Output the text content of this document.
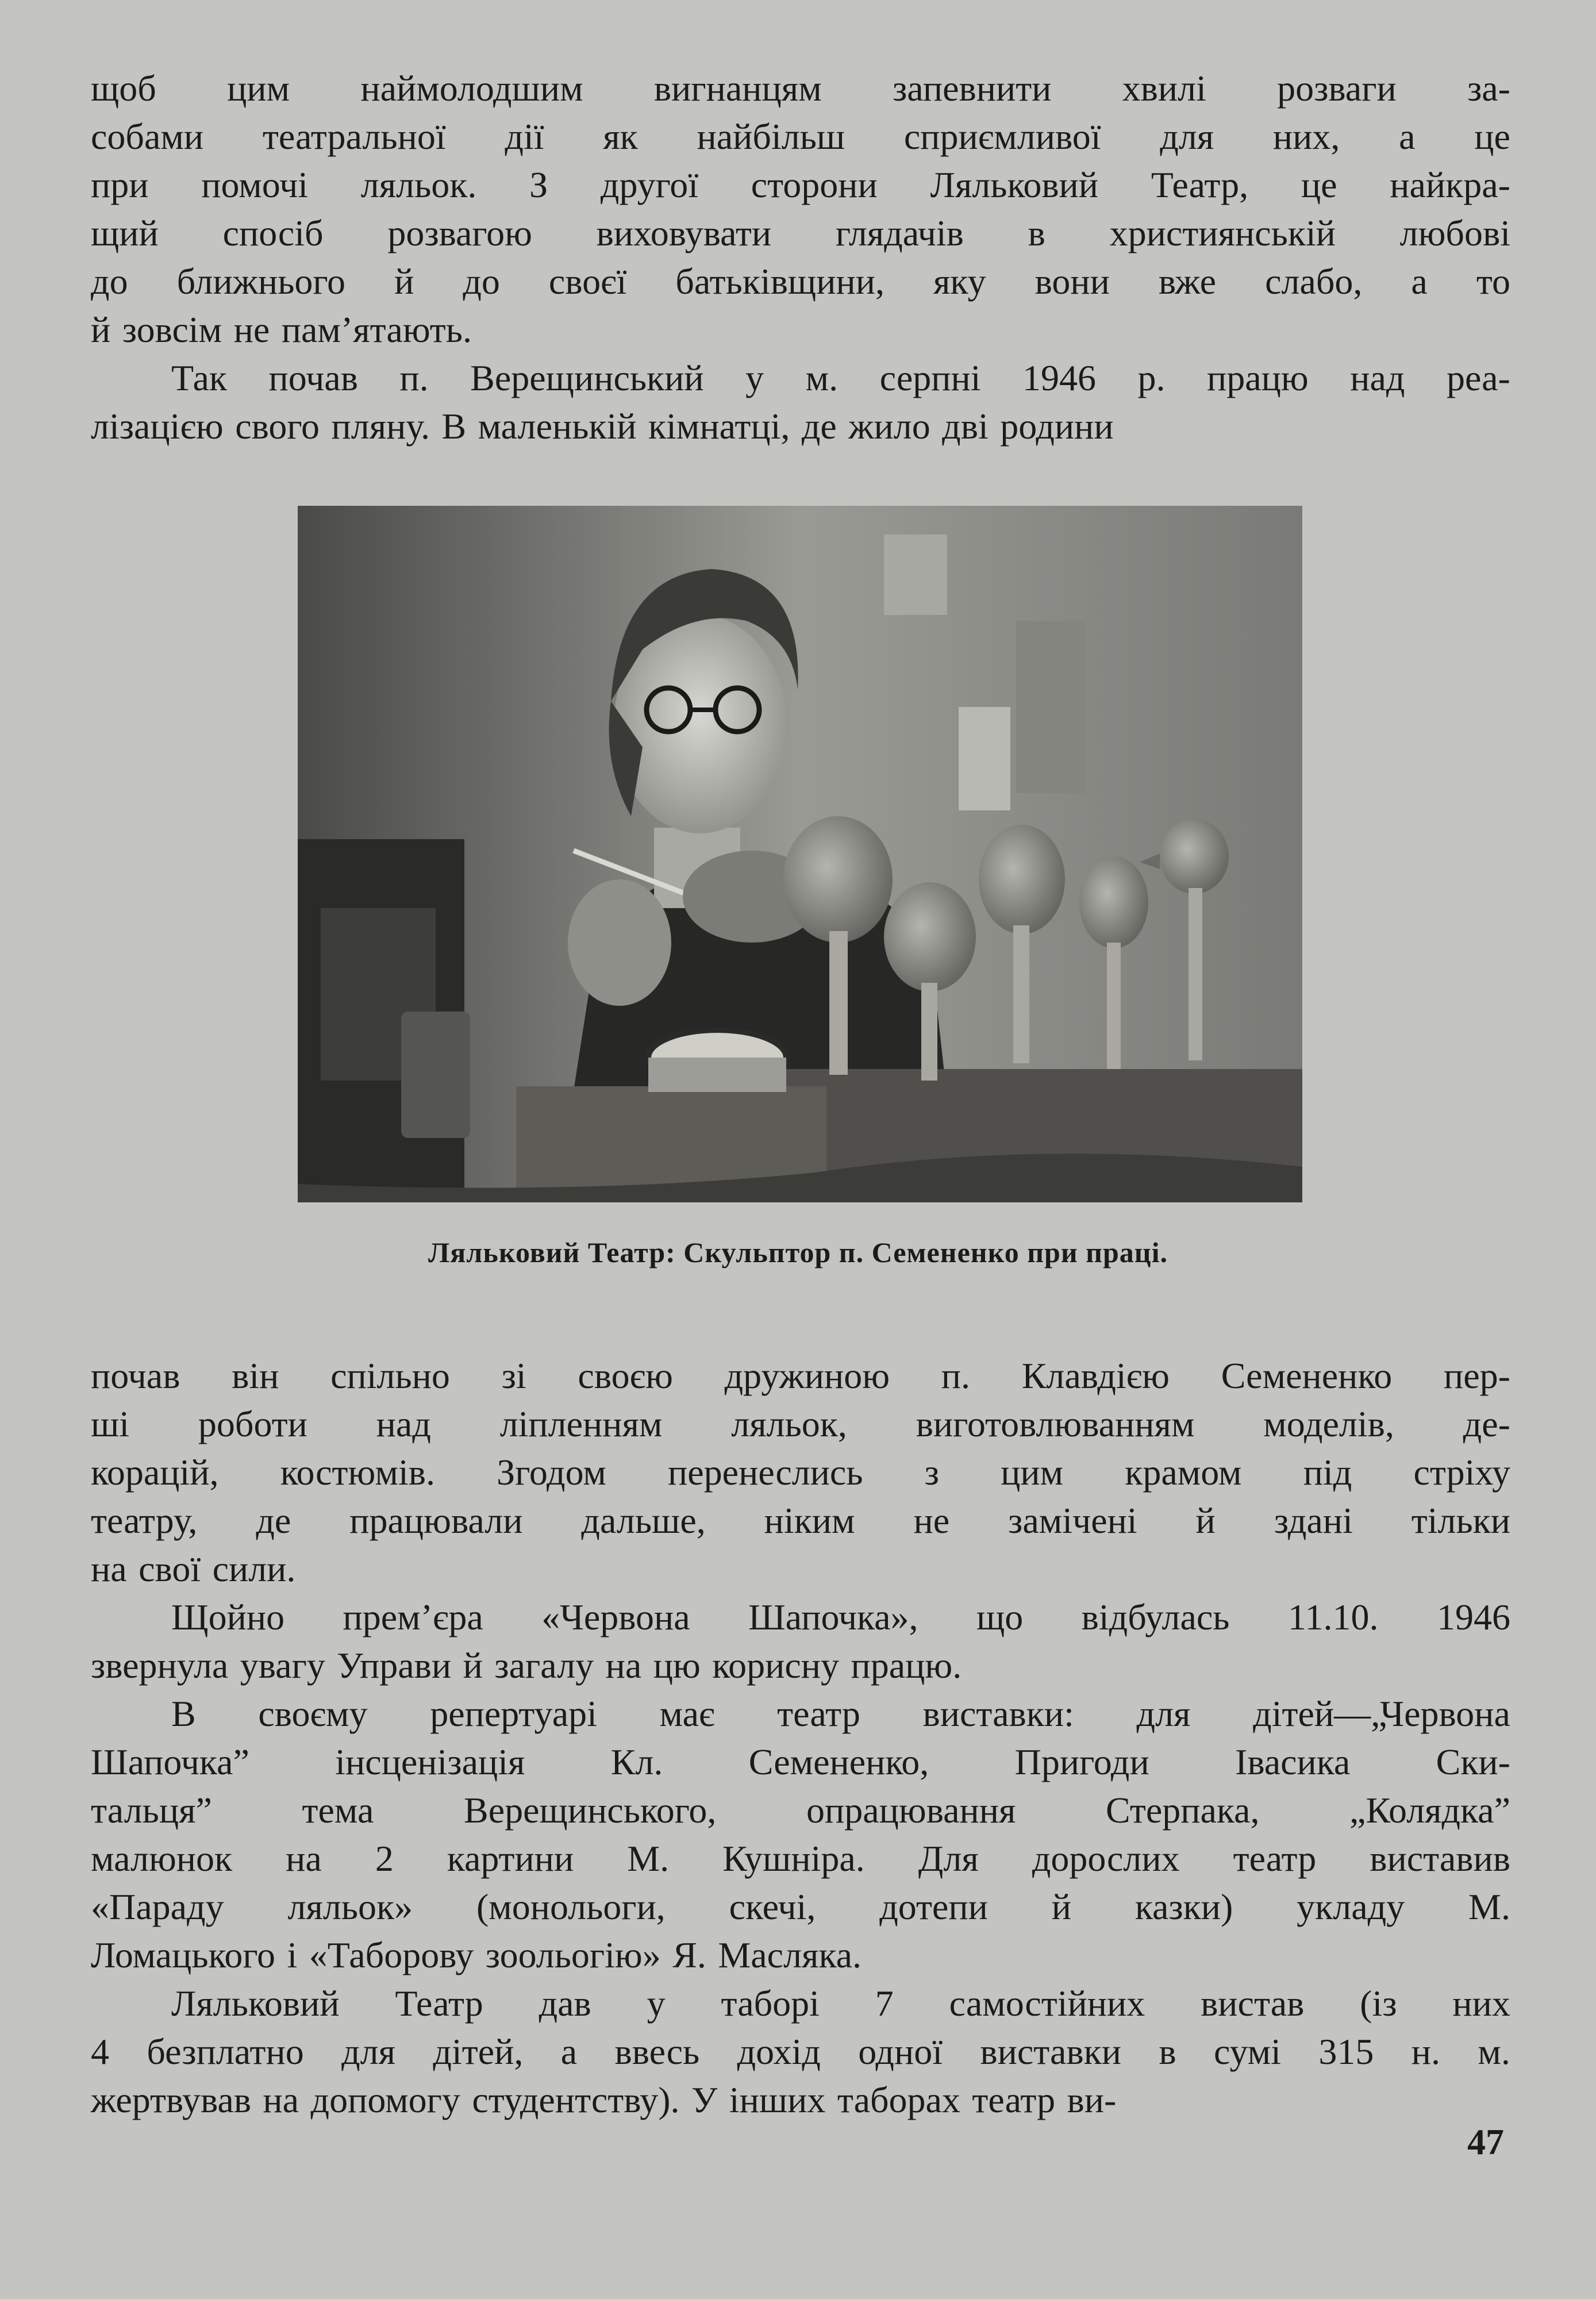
щоб цим наймолодшим вигнанцям запевнити хвилі розваги за-
собами театральної дії як найбільш сприємливої для них, а це
при помочі ляльок. З другої сторони Ляльковий Театр, це найкра-
щий спосіб розвагою виховувати глядачів в християнській любові
до ближнього й до своєї батьківщини, яку вони вже слабо, а то
й зовсім не пам’ятають.
Так почав п. Верещинський у м. серпні 1946 р. працю над реа-
лізацією свого пляну. В маленькій кімнатці, де жило дві родини
Ляльковий Театр: Скульптор п. Семененко при праці.
почав він спільно зі своєю дружиною п. Клавдією Семененко пер-
ші роботи над ліпленням ляльок, виготовлюванням моделів, де-
корацій, костюмів. Згодом перенеслись з цим крамом під стріху
театру, де працювали дальше, ніким не замічені й здані тільки
на свої сили.
Щойно прем’єра «Червона Шапочка», що відбулась 11.10. 1946
звернула увагу Управи й загалу на цю корисну працю.
В своєму репертуарі має театр виставки: для дітей—„Червона
Шапочка” інсценізація Кл. Семененко, Пригоди Івасика Ски-
тальця” тема Верещинського, опрацювання Стерпака, „Колядка”
малюнок на 2 картини М. Кушніра. Для дорослих театр виставив
«Параду ляльок» (монольоги, скечі, дотепи й казки) укладу М.
Ломацького і «Таборову зоольогію» Я. Масляка.
Ляльковий Театр дав у таборі 7 самостійних вистав (із них
4 безплатно для дітей, а ввесь дохід одної виставки в сумі 315 н. м.
жертвував на допомогу студентству). У інших таборах театр ви-
47
